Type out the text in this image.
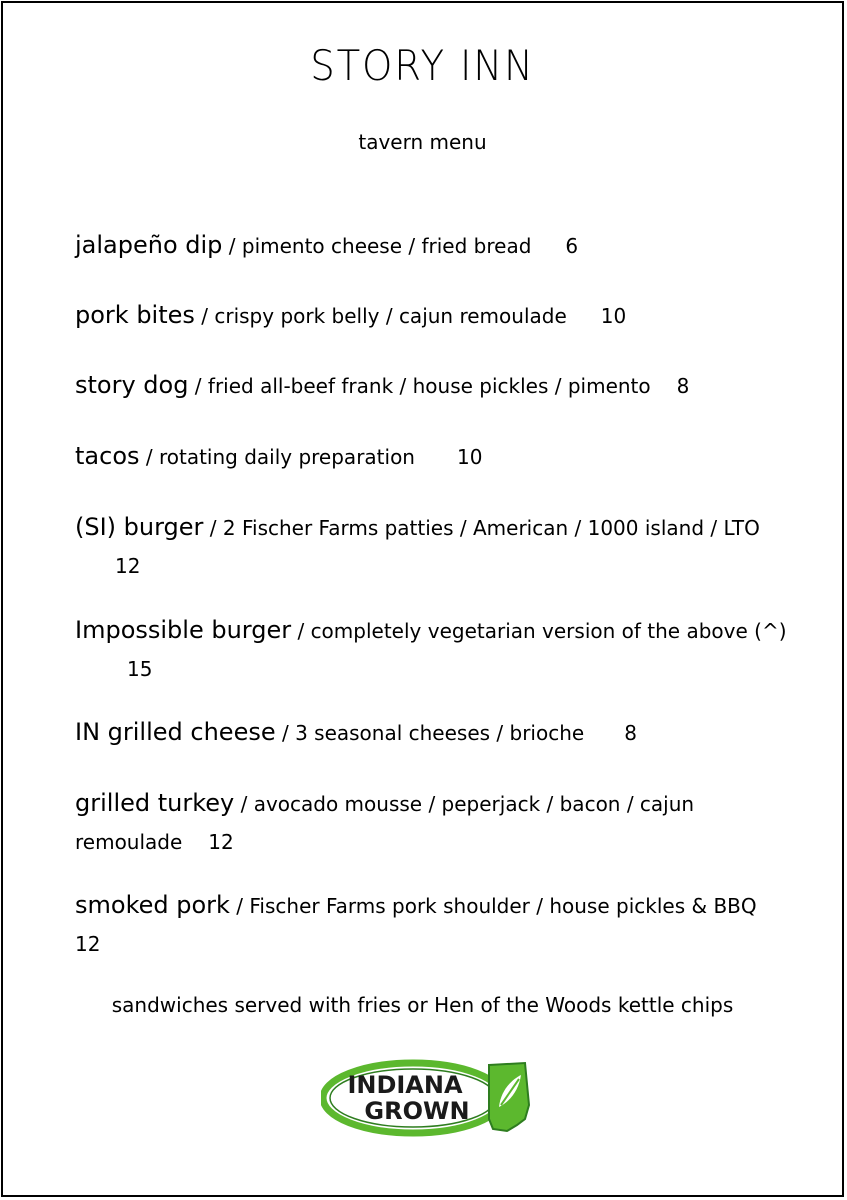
STORY INN
tavern menu
jalapeño dip / pimento cheese / fried bread 6
pork bites / crispy pork belly / cajun remoulade 10
story dog / fried all-beef frank / house pickles / pimento 8
tacos / rotating daily preparation 10
(SI) burger / 2 Fischer Farms patties / American / 1000 island / LTO12
Impossible burger / completely vegetarian version of the above (^)15
IN grilled cheese / 3 seasonal cheeses / brioche 8
grilled turkey / avocado mousse / peperjack / bacon / cajun remoulade 12
smoked pork / Fischer Farms pork shoulder / house pickles & BBQ12
sandwiches served with fries or Hen of the Woods kettle chips
INDIANA
GROWN
